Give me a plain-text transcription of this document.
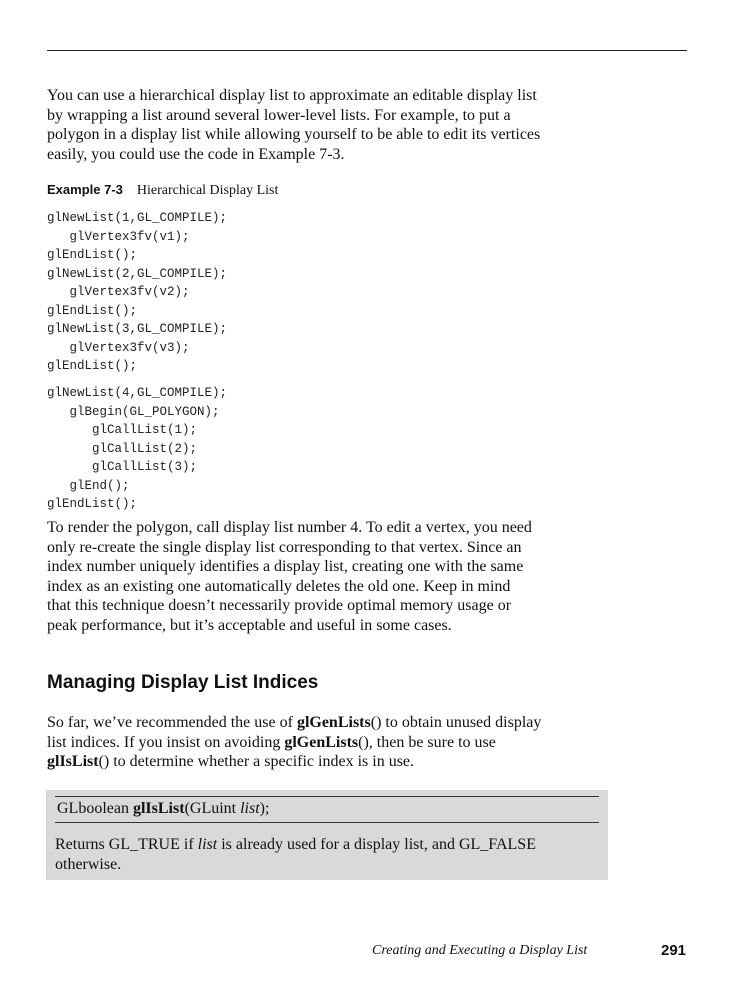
You can use a hierarchical display list to approximate an editable display list
by wrapping a list around several lower-level lists. For example, to put a
polygon in a display list while allowing yourself to be able to edit its vertices
easily, you could use the code in Example 7-3.
Example 7-3 Hierarchical Display List
glNewList(1,GL_COMPILE);
glVertex3fv(v1);
glEndList();
glNewList(2,GL_COMPILE);
glVertex3fv(v2);
glEndList();
glNewList(3,GL_COMPILE);
glVertex3fv(v3);
glEndList();
glNewList(4,GL_COMPILE);
glBegin(GL_POLYGON);
glCallList(1);
glCallList(2);
glCallList(3);
glEnd();
glEndList();
To render the polygon, call display list number 4. To edit a vertex, you need
only re-create the single display list corresponding to that vertex. Since an
index number uniquely identifies a display list, creating one with the same
index as an existing one automatically deletes the old one. Keep in mind
that this technique doesn’t necessarily provide optimal memory usage or
peak performance, but it’s acceptable and useful in some cases.
Managing Display List Indices
So far, we’ve recommended the use of glGenLists() to obtain unused display
list indices. If you insist on avoiding glGenLists(), then be sure to use
glIsList() to determine whether a specific index is in use.
GLboolean glIsList(GLuint list);
Returns GL_TRUE if list is already used for a display list, and GL_FALSE
otherwise.
Creating and Executing a Display List	291
